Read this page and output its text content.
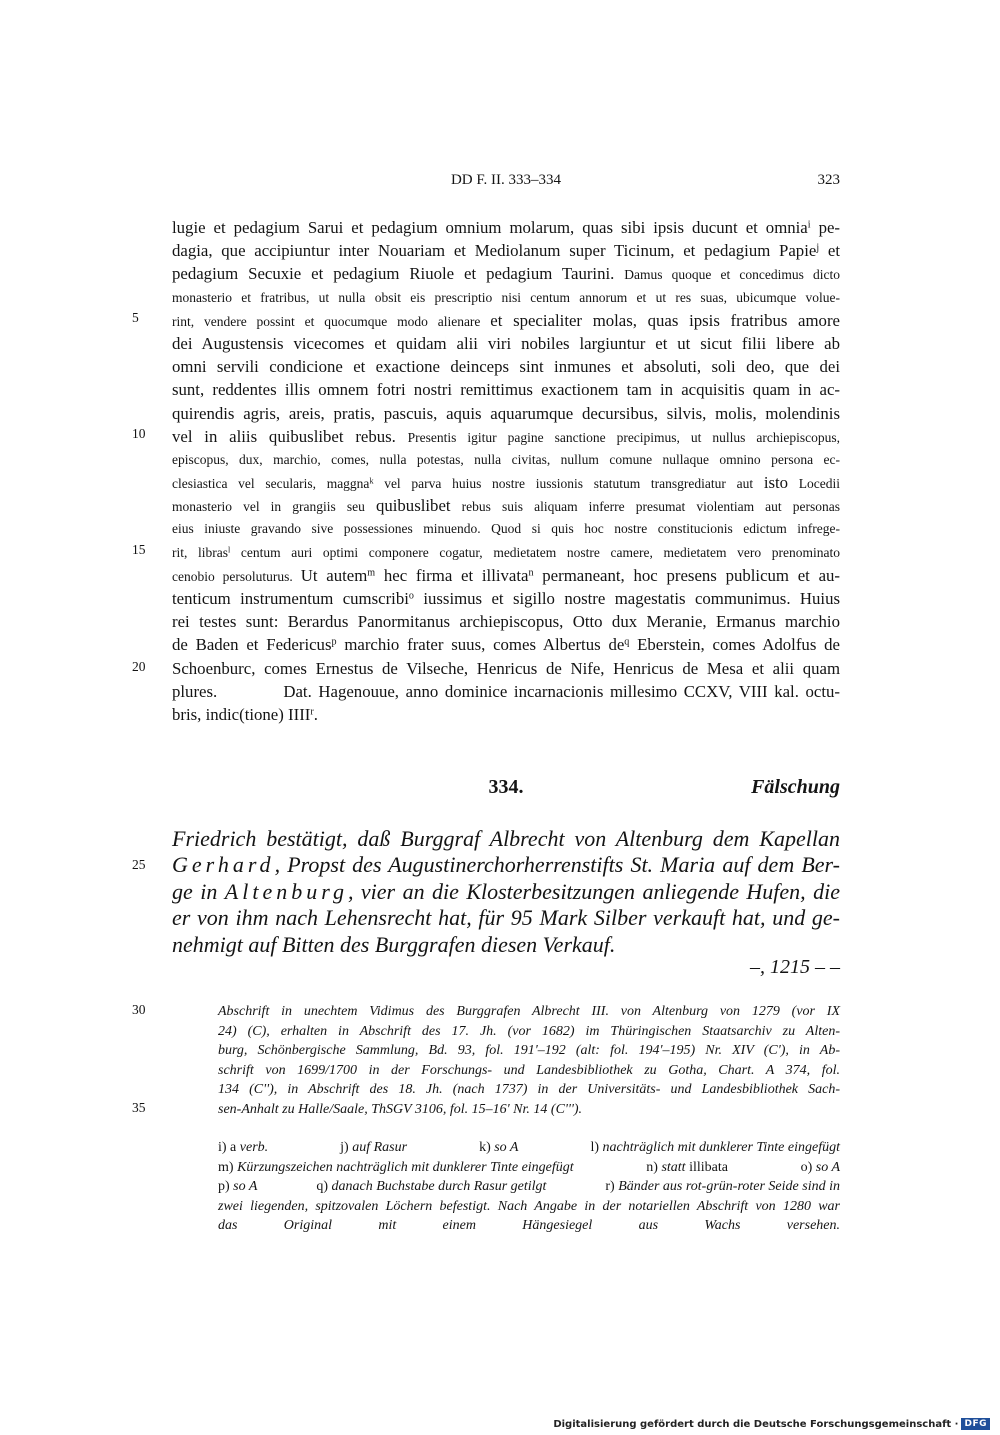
DD F. II. 333–334	323
5
10
15
20
25
30
35
lugie et pedagium Sarui et pedagium omnium molarum, quas sibi ipsis ducunt et omnia$^i$ pe-
dagia, que accipiuntur inter Nouariam et Mediolanum super Ticinum, et pedagium Papie$^j$ et
pedagium Secuxie et pedagium Riuole et pedagium Taurini. Damus quoque et concedimus dicto
monasterio et fratribus, ut nulla obsit eis prescriptio nisi centum annorum et ut res suas, ubicumque volue-
rint, vendere possint et quocumque modo alienare et specialiter molas, quas ipsis fratribus amore
dei Augustensis vicecomes et quidam alii viri nobiles largiuntur et ut sicut filii libere ab
omni servili condicione et exactione deinceps sint inmunes et absoluti, soli deo, que dei
sunt, reddentes illis omnem fotri nostri remittimus exactionem tam in acquisitis quam in ac-
quirendis agris, areis, pratis, pascuis, aquis aquarumque decursibus, silvis, molis, molendinis
vel in aliis quibuslibet rebus. Presentis igitur pagine sanctione precipimus, ut nullus archiepiscopus,
episcopus, dux, marchio, comes, nulla potestas, nulla civitas, nullum comune nullaque omnino persona ec-
clesiastica vel secularis, maggna$^k$ vel parva huius nostre iussionis statutum transgrediatur aut isto Locedii
monasterio vel in grangiis seu quibuslibet rebus suis aliquam inferre presumat violentiam aut personas
eius iniuste gravando sive possessiones minuendo. Quod si quis hoc nostre constitucionis edictum infrege-
rit, libras$^l$ centum auri optimi componere cogatur, medietatem nostre camere, medietatem vero prenominato
cenobio persoluturus. Ut autem$^m$ hec firma et illivata$^n$ permaneant, hoc presens publicum et au-
tenticum instrumentum cumscribi$^o$ iussimus et sigillo nostre magestatis communimus. Huius
rei testes sunt: Berardus Panormitanus archiepiscopus, Otto dux Meranie, Ermanus marchio
de Baden et Federicus$^p$ marchio frater suus, comes Albertus $de^q$ Eberstein, comes Adolfus de
Schoenburc, comes Ernestus de Vilseche, Henricus de Nife, Henricus de Mesa et alii quam
plures.          Dat. Hagenouue, anno dominice incarnacionis millesimo CCXV, VIII kal. octu-
bris, indic(tione) IIII$^r$.
334.	Fälschung
Friedrich bestätigt, daß Burggraf Albrecht von Altenburg dem Kapellan
Gerhard, Propst des Augustinerchorherrenstifts St. Maria auf dem Ber-
ge in Altenburg, vier an die Klosterbesitzungen anliegende Hufen, die
er von ihm nach Lehensrecht hat, für 95 Mark Silber verkauft hat, und ge-
nehmigt auf Bitten des Burggrafen diesen Verkauf.
–, 1215 – –
Abschrift in unechtem Vidimus des Burggrafen Albrecht III. von Altenburg von 1279 (vor IX
24) (C), erhalten in Abschrift des 17. Jh. (vor 1682) im Thüringischen Staatsarchiv zu Alten-
burg, Schönbergische Sammlung, Bd. 93, fol. 191'–192 (alt: fol. 194'–195) Nr. XIV (C'), in Ab-
schrift von 1699/1700 in der Forschungs- und Landesbibliothek zu Gotha, Chart. A 374, fol.
134 (C''), in Abschrift des 18. Jh. (nach 1737) in der Universitäts- und Landesbibliothek Sach-
sen-Anhalt zu Halle/Saale, ThSGV 3106, fol. 15–16' Nr. 14 (C''').
i) a verb.	j) auf Rasur	k) so A	l) nachträglich mit dunklerer Tinte eingefügt
m) Kürzungszeichen nachträglich mit dunklerer Tinte eingefügt	n) statt illibata	o) so A
p) so A	q) danach Buchstabe durch Rasur getilgt	r) Bänder aus rot-grün-roter Seide sind in
zwei liegenden, spitzovalen Löchern befestigt. Nach Angabe in der notariellen Abschrift von 1280 war
das Original mit einem Hängesiegel aus Wachs versehen.
Digitalisierung gefördert durch die Deutsche Forschungsgemeinschaft · DFG
